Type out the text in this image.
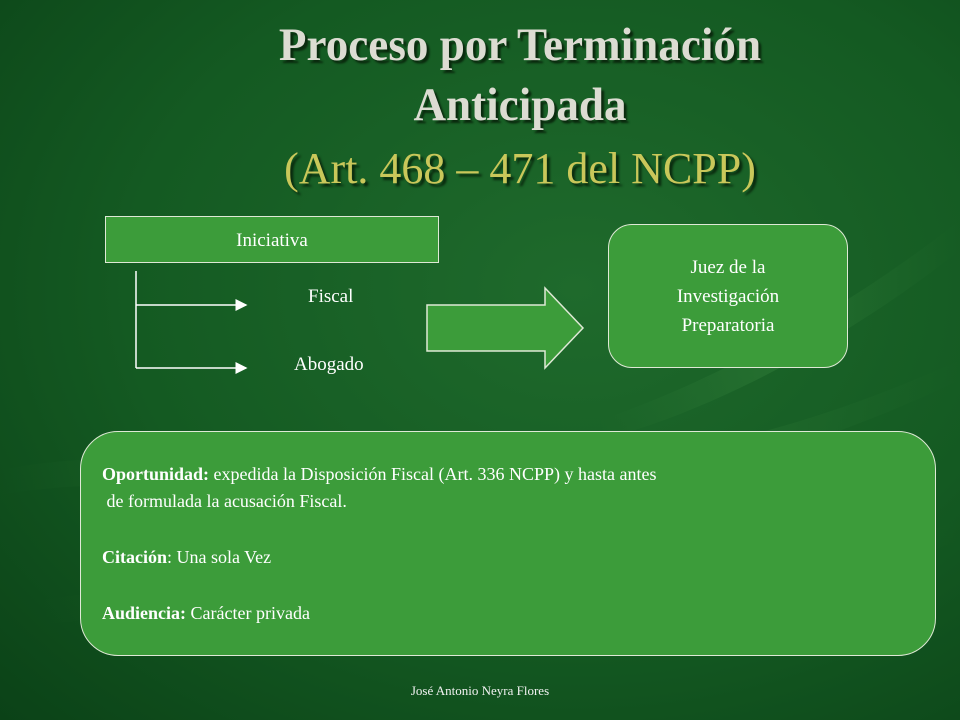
Proceso por Terminación
Anticipada
(Art. 468 – 471 del NCPP)
Iniciativa
Fiscal
Abogado
Juez de la
Investigación
Preparatoria

Oportunidad: expedida la Disposición Fiscal (Art. 336 NCPP) y hasta antes

de formulada la acusación Fiscal.

Citación: Una sola Vez

Audiencia: Carácter privada

José Antonio Neyra Flores
